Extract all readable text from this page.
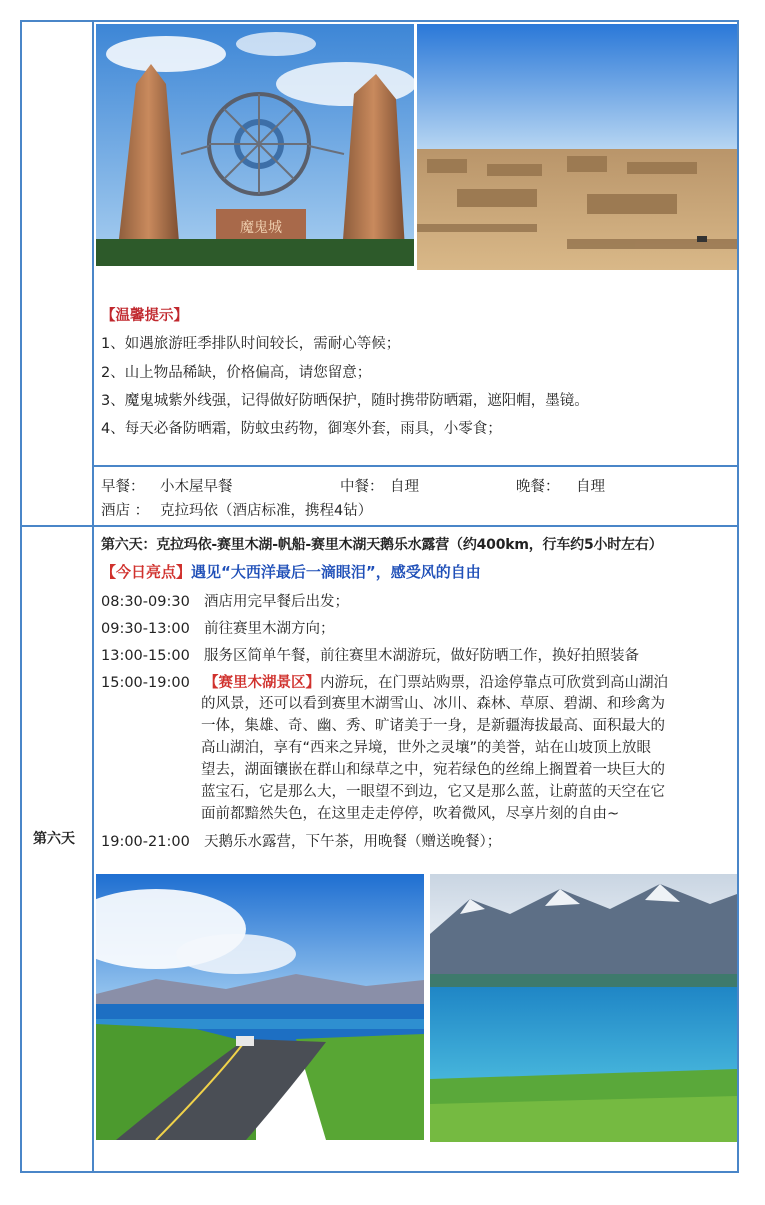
魔鬼城
【温馨提示】
1、如遇旅游旺季排队时间较长，需耐心等候；
2、山上物品稀缺，价格偏高，请您留意；
3、魔鬼城紫外线强，记得做好防晒保护，随时携带防晒霜，遮阳帽，墨镜。
4、每天必备防晒霜，防蚊虫药物，御寒外套，雨具，小零食；
早餐： 小木屋早餐	中餐： 自理	晚餐： 自理
酒店 ： 克拉玛依（酒店标准，携程4钻）
第六天
第六天：克拉玛依-赛里木湖-帆船-赛里木湖天鹅乐水露营（约400km，行车约5小时左右）
【今日亮点】遇见“大西洋最后一滴眼泪”，感受风的自由
08:30-09:30 酒店用完早餐后出发；
09:30-13:00 前往赛里木湖方向；
13:00-15:00 服务区简单午餐，前往赛里木湖游玩，做好防晒工作，换好拍照装备
15:00-19:00 【赛里木湖景区】内游玩，在门票站购票，沿途停靠点可欣赏到高山湖泊
的风景，还可以看到赛里木湖雪山、冰川、森林、草原、碧湖、和珍禽为
一体，集雄、奇、幽、秀、旷诸美于一身，是新疆海拔最高、面积最大的
高山湖泊，享有“西来之异境，世外之灵壤”的美誉，站在山坡顶上放眼
望去，湖面镶嵌在群山和绿草之中，宛若绿色的丝绵上搁置着一块巨大的
蓝宝石，它是那么大，一眼望不到边，它又是那么蓝，让蔚蓝的天空在它
面前都黯然失色，在这里走走停停，吹着微风，尽享片刻的自由~
19:00-21:00 天鹅乐水露营，下午茶，用晚餐（赠送晚餐）；
